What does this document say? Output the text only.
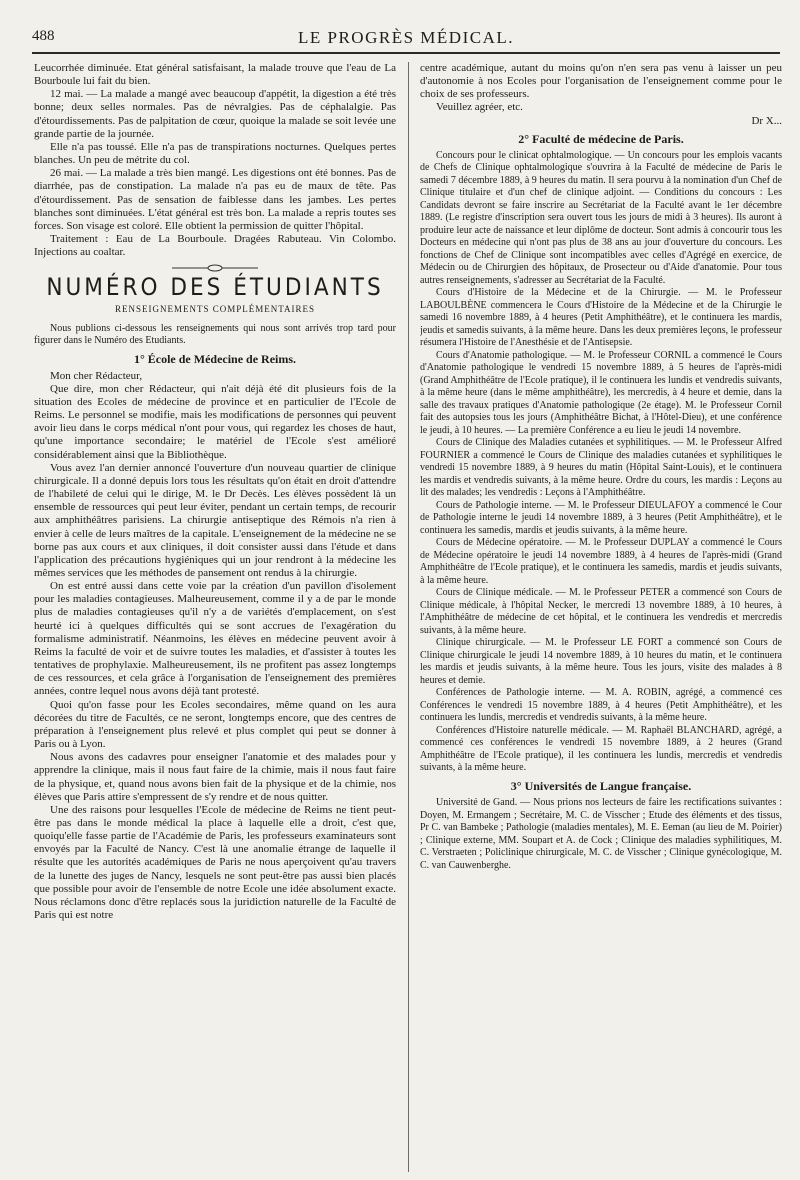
488	LE PROGRÈS MÉDICAL.

Leucorrhée diminuée. Etat général satisfaisant, la malade trouve que l'eau de La Bourboule lui fait du bien.

12 mai. — La malade a mangé avec beaucoup d'appétit, la digestion a été très bonne; deux selles normales. Pas de névralgies. Pas de céphalalgie. Pas d'étourdissements. Pas de palpitation de cœur, quoique la malade se soit levée une grande partie de la journée.

Elle n'a pas toussé. Elle n'a pas de transpirations nocturnes. Quelques pertes blanches. Un peu de métrite du col.

26 mai. — La malade a très bien mangé. Les digestions ont été bonnes. Pas de diarrhée, pas de constipation. La malade n'a pas eu de maux de tête. Pas d'étourdissement. Pas de sensation de faiblesse dans les jambes. Les pertes blanches sont diminuées. L'état général est très bon. La malade a repris toutes ses forces. Son visage est coloré. Elle obtient la permission de quitter l'hôpital.

Traitement : Eau de La Bourboule. Dragées Rabuteau. Vin Colombo. Injections au coaltar.

NUMÉRO DES ÉTUDIANTS
RENSEIGNEMENTS COMPLÉMENTAIRES

Nous publions ci-dessous les renseignements qui nous sont arrivés trop tard pour figurer dans le Numéro des Etudiants.

1° École de Médecine de Reims.

Mon cher Rédacteur,

Que dire, mon cher Rédacteur, qui n'ait déjà été dit plusieurs fois de la situation des Ecoles de médecine de province et en particulier de l'Ecole de Reims. Le personnel se modifie, mais les modifications de personnes qui peuvent avoir lieu dans le corps médical n'ont pour vous, qui regardez les choses de haut, qu'une importance secondaire; le matériel de l'Ecole s'est amélioré considérablement ainsi que la Bibliothèque.

Vous avez l'an dernier annoncé l'ouverture d'un nouveau quartier de clinique chirurgicale. Il a donné depuis lors tous les résultats qu'on était en droit d'attendre de l'habileté de celui qui le dirige, M. le Dr Decès. Les élèves possèdent là un ensemble de ressources qui peut leur éviter, pendant un certain temps, de recourir aux amphithéâtres parisiens. La chirurgie antiseptique des Rémois n'a rien à envier à celle de leurs maîtres de la capitale. L'enseignement de la médecine ne se borne pas aux cours et aux cliniques, il doit consister aussi dans l'étude et dans l'application des précautions hygiéniques qui un jour rendront à la médecine les mêmes services que les méthodes de pansement ont rendus à la chirurgie.

On est entré aussi dans cette voie par la création d'un pavillon d'isolement pour les maladies contagieuses. Malheureusement, comme il y a de par le monde plus de maladies contagieuses qu'il n'y a de variétés d'emplacement, on s'est heurté ici à quelques difficultés qui se sont accrues de l'exagération du formalisme administratif. Néanmoins, les élèves en médecine peuvent avoir à Reims la faculté de voir et de suivre toutes les maladies, et d'assister à toutes les tentatives de prophylaxie. Malheureusement, ils ne profitent pas assez longtemps de ces ressources, et cela grâce à l'organisation de l'enseignement des premières années, contre lequel nous avons déjà tant protesté.

Quoi qu'on fasse pour les Ecoles secondaires, même quand on les aura décorées du titre de Facultés, ce ne seront, longtemps encore, que des centres de préparation à l'enseignement plus relevé et plus complet qui peut se donner à Paris ou à Lyon.

Nous avons des cadavres pour enseigner l'anatomie et des malades pour y apprendre la clinique, mais il nous faut faire de la chimie, mais il nous faut faire de la physique, et, quand nous avons bien fait de la physique et de la chimie, nos élèves que Paris attire s'empressent de s'y rendre et de nous quitter.

Une des raisons pour lesquelles l'Ecole de médecine de Reims ne tient peut-être pas dans le monde médical la place à laquelle elle a droit, c'est que, quoiqu'elle fasse partie de l'Académie de Paris, les professeurs examinateurs sont envoyés par la Faculté de Nancy. C'est là une anomalie étrange de laquelle il résulte que les autorités académiques de Paris ne nous aperçoivent qu'au travers de la lunette des juges de Nancy, lesquels ne sont peut-être pas aussi bien placés que possible pour avoir de l'ensemble de notre Ecole une idée absolument exacte. Nous réclamons donc d'être replacés sous la juridiction naturelle de la Faculté de Paris qui est notre

centre académique, autant du moins qu'on n'en sera pas venu à laisser un peu d'autonomie à nos Ecoles pour l'organisation de l'enseignement comme pour le choix de ses professeurs.

Veuillez agréer, etc.

Dr X...

2° Faculté de médecine de Paris.

Concours pour le clinicat ophtalmologique. — Un concours pour les emplois vacants de Chefs de Clinique ophtalmologique s'ouvrira à la Faculté de médecine de Paris le samedi 7 décembre 1889, à 9 heures du matin. Il sera pourvu à la nomination d'un Chef de Clinique titulaire et d'un chef de clinique adjoint. — Conditions du concours : Les Candidats devront se faire inscrire au Secrétariat de la Faculté avant le 1er décembre 1889. (Le registre d'inscription sera ouvert tous les jours de midi à 3 heures). Ils auront à produire leur acte de naissance et leur diplôme de docteur. Sont admis à concourir tous les Docteurs en médecine qui n'ont pas plus de 38 ans au jour d'ouverture du concours. Les fonctions de Chef de Clinique sont incompatibles avec celles d'Agrégé en exercice, de Médecin ou de Chirurgien des hôpitaux, de Prosecteur ou d'Aide d'anatomie. Pour tous autres renseignements, s'adresser au Secrétariat de la Faculté.

Cours d'Histoire de la Médecine et de la Chirurgie. — M. le Professeur LABOULBÈNE commencera le Cours d'Histoire de la Médecine et de la Chirurgie le samedi 16 novembre 1889, à 4 heures (Petit Amphithéâtre), et le continuera les mardis, jeudis et samedis suivants, à la même heure. Dans les deux premières leçons, le professeur résumera l'Histoire de l'Anesthésie et de l'Antisepsie.

Cours d'Anatomie pathologique. — M. le Professeur CORNIL a commencé le Cours d'Anatomie pathologique le vendredi 15 novembre 1889, à 5 heures de l'après-midi (Grand Amphithéâtre de l'Ecole pratique), il le continuera les lundis et vendredis suivants, à la même heure (dans le même amphithéâtre), les mercredis, à 4 heure et demie, dans la salle des travaux pratiques d'Anatomie pathologique (2e étage). M. le Professeur Cornil fait des autopsies tous les jours (Amphithéâtre Bichat, à l'Hôtel-Dieu), et une conférence le jeudi, à 10 heures. — La première Conférence a eu lieu le jeudi 14 novembre.

Cours de Clinique des Maladies cutanées et syphilitiques. — M. le Professeur Alfred FOURNIER a commencé le Cours de Clinique des maladies cutanées et syphilitiques le vendredi 15 novembre 1889, à 9 heures du matin (Hôpital Saint-Louis), et le continuera les mardis et vendredis suivants, à la même heure. Ordre du cours, les mardis : Leçons au lit des malades; les vendredis : Leçons à l'Amphithéâtre.

Cours de Pathologie interne. — M. le Professeur DIEULAFOY a commencé le Cour de Pathologie interne le jeudi 14 novembre 1889, à 3 heures (Petit Amphithéâtre), et le continuera les samedis, mardis et jeudis suivants, à la même heure.

Cours de Médecine opératoire. — M. le Professeur DUPLAY a commencé le Cours de Médecine opératoire le jeudi 14 novembre 1889, à 4 heures de l'après-midi (Grand Amphithéâtre de l'Ecole pratique), et le continuera les samedis, mardis et jeudis suivants, à la même heure.

Cours de Clinique médicale. — M. le Professeur PETER a commencé son Cours de Clinique médicale, à l'hôpital Necker, le mercredi 13 novembre 1889, à 10 heures, à l'Amphithéâtre de médecine de cet hôpital, et le continuera les vendredis et mercredis suivants, à la même heure.

Clinique chirurgicale. — M. le Professeur LE FORT a commencé son Cours de Clinique chirurgicale le jeudi 14 novembre 1889, à 10 heures du matin, et le continuera les mardis et jeudis suivants, à la même heure. Tous les jours, visite des malades à 8 heures et demie.

Conférences de Pathologie interne. — M. A. ROBIN, agrégé, a commencé ces Conférences le vendredi 15 novembre 1889, à 4 heures (Petit Amphithéâtre), et les continuera les lundis, mercredis et vendredis suivants, à la même heure.

Conférences d'Histoire naturelle médicale. — M. Raphaël BLANCHARD, agrégé, a commencé ces conférences le vendredi 15 novembre 1889, à 2 heures (Grand Amphithéâtre de l'Ecole pratique), il les continuera les lundis, mercredis et vendredis suivants, à la même heure.

3° Universités de Langue française.

Université de Gand. — Nous prions nos lecteurs de faire les rectifications suivantes : Doyen, M. Ermangem ; Secrétaire, M. C. de Visscher ; Etude des éléments et des tissus, Pr C. van Bambeke ; Pathologie (maladies mentales), M. E. Eeman (au lieu de M. Poirier) ; Clinique externe, MM. Soupart et A. de Cock ; Clinique des maladies syphilitiques, M. C. Verstraeten ; Policlinique chirurgicale, M. C. de Visscher ; Clinique gynécologique, M. C. van Cauwenberghe.
